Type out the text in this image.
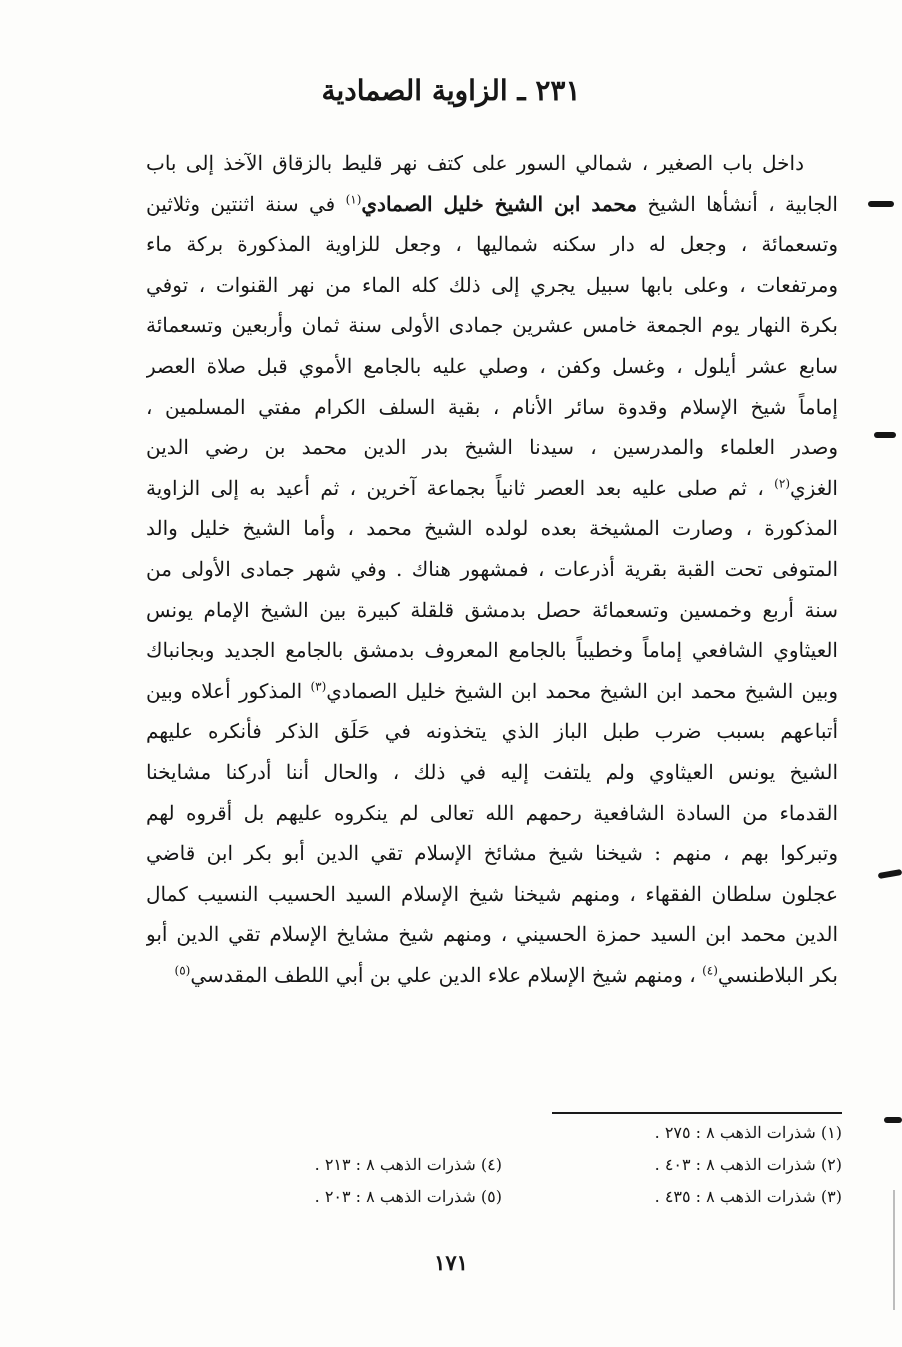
٢٣١ ـ الزاوية الصمادية
داخل باب الصغير ، شمالي السور على كتف نهر قليط بالزقاق الآخذ إلى باب
الجابية ، أنشأها الشيخ محمد ابن الشيخ خليل الصمادي$^{(١)}$ في سنة اثنتين وثلاثين
وتسعمائة ، وجعل له دار سكنه شماليها ، وجعل للزاوية المذكورة بركة ماء
ومرتفعات ، وعلى بابها سبيل يجري إلى ذلك كله الماء من نهر القنوات ، توفي
بكرة النهار يوم الجمعة خامس عشرين جمادى الأولى سنة ثمان وأربعين وتسعمائة
سابع عشر أيلول ، وغسل وكفن ، وصلي عليه بالجامع الأموي قبل صلاة العصر
إماماً شيخ الإسلام وقدوة سائر الأنام ، بقية السلف الكرام مفتي المسلمين ،
وصدر العلماء والمدرسين ، سيدنا الشيخ بدر الدين محمد بن رضي الدين
الغزي$^{(٢)}$ ، ثم صلى عليه بعد العصر ثانياً بجماعة آخرين ، ثم أعيد به إلى الزاوية
المذكورة ، وصارت المشيخة بعده لولده الشيخ محمد ، وأما الشيخ خليل والد
المتوفى تحت القبة بقرية أذرعات ، فمشهور هناك . وفي شهر جمادى الأولى من
سنة أربع وخمسين وتسعمائة حصل بدمشق قلقلة كبيرة بين الشيخ الإمام يونس
العيثاوي الشافعي إماماً وخطيباً بالجامع المعروف بدمشق بالجامع الجديد وبجانباك
وبين الشيخ محمد ابن الشيخ محمد ابن الشيخ خليل الصمادي$^{(٣)}$ المذكور أعلاه وبين
أتباعهم بسبب ضرب طبل الباز الذي يتخذونه في حَلَق الذكر فأنكره عليهم
الشيخ يونس العيثاوي ولم يلتفت إليه في ذلك ، والحال أننا أدركنا مشايخنا
القدماء من السادة الشافعية رحمهم الله تعالى لم ينكروه عليهم بل أقروه لهم
وتبركوا بهم ، منهم : شيخنا شيخ مشائخ الإسلام تقي الدين أبو بكر ابن قاضي
عجلون سلطان الفقهاء ، ومنهم شيخنا شيخ الإسلام السيد الحسيب النسيب كمال
الدين محمد ابن السيد حمزة الحسيني ، ومنهم شيخ مشايخ الإسلام تقي الدين أبو
بكر البلاطنسي$^{(٤)}$ ، ومنهم شيخ الإسلام علاء الدين علي بن أبي اللطف المقدسي$^{(٥)}$
(١) شذرات الذهب ٨ : ٢٧٥ .
(٢) شذرات الذهب ٨ : ٤٠٣ .
(٣) شذرات الذهب ٨ : ٤٣٥ .
(٤) شذرات الذهب ٨ : ٢١٣ .
(٥) شذرات الذهب ٨ : ٢٠٣ .
١٧١
